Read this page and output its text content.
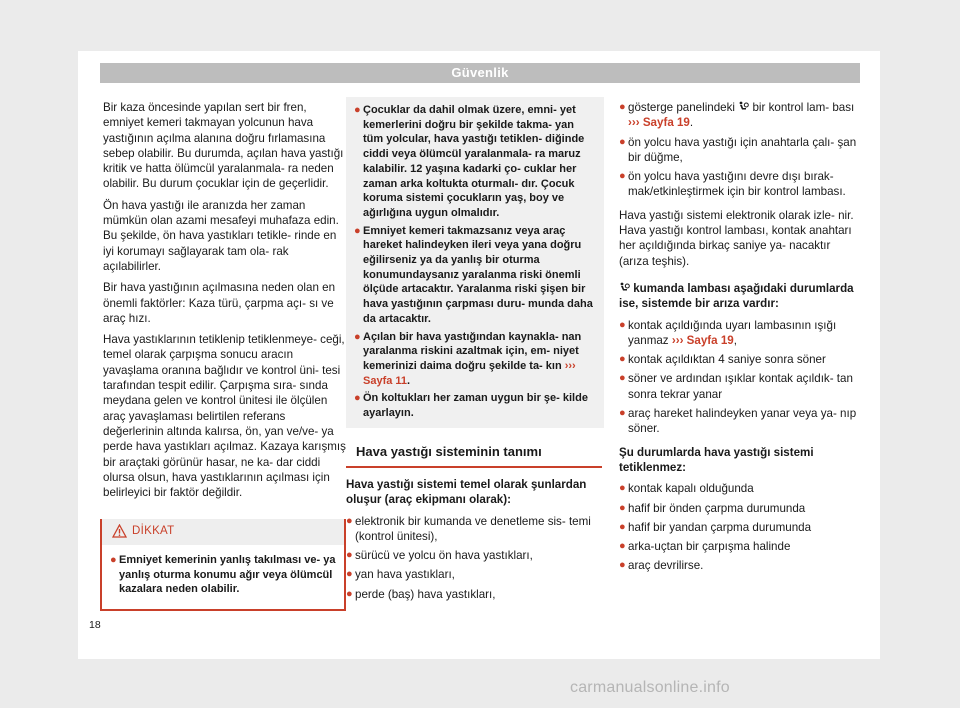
Güvenlik

Bir kaza öncesinde yapılan sert bir fren, emniyet kemeri takmayan yolcunun hava yastığının açılma alanına doğru fırlamasına sebep olabilir. Bu durumda, açılan hava yastığı kritik ve hatta ölümcül yaralanmala- ra neden olabilir. Bu durum çocuklar için de geçerlidir.

Ön hava yastığı ile aranızda her zaman mümkün olan azami mesafeyi muhafaza edin. Bu şekilde, ön hava yastıkları tetikle- rinde en iyi korumayı sağlayarak tam ola- rak açılabilirler.

Bir hava yastığının açılmasına neden olan en önemli faktörler: Kaza türü, çarpma açı- sı ve araç hızı.

Hava yastıklarının tetiklenip tetiklenmeye- ceği, temel olarak çarpışma sonucu aracın yavaşlama oranına bağlıdır ve kontrol üni- tesi tarafından tespit edilir. Çarpışma sıra- sında meydana gelen ve kontrol ünitesi ile ölçülen araç yavaşlaması belirtilen referans değerlerinin altında kalırsa, ön, yan ve/ve- ya perde hava yastıkları açılmaz. Kazaya karışmış bir araçtaki görünür hasar, ne ka- dar ciddi olursa olsun, hava yastıklarının açılması için belirleyici bir faktör değildir.

DİKKAT
● Emniyet kemerinin yanlış takılması ve- ya yanlış oturma konumu ağır veya ölümcül kazalara neden olabilir.
● Çocuklar da dahil olmak üzere, emni- yet kemerlerini doğru bir şekilde takma- yan tüm yolcular, hava yastığı tetiklen- diğinde ciddi veya ölümcül yaralanmala- ra maruz kalabilir. 12 yaşına kadarki ço- cuklar her zaman arka koltukta oturmalı- dır. Çocuk koruma sistemi çocukların yaş, boy ve ağırlığına uygun olmalıdır.
● Emniyet kemeri takmazsanız veya araç hareket halindeyken ileri veya yana doğru eğilirseniz ya da yanlış bir oturma konumundaysanız yaralanma riski önemli ölçüde artacaktır. Yaralanma riski şişen bir hava yastığının çarpması duru- munda daha da artacaktır.
● Açılan bir hava yastığından kaynakla- nan yaralanma riskini azaltmak için, em- niyet kemerinizi daima doğru şekilde ta- kın ››› Sayfa 11.
● Ön koltukları her zaman uygun bir şe- kilde ayarlayın.
Hava yastığı sisteminin tanımı

Hava yastığı sistemi temel olarak şunlardan oluşur (araç ekipmanı olarak):

● elektronik bir kumanda ve denetleme sis- temi (kontrol ünitesi),
● sürücü ve yolcu ön hava yastıkları,
● yan hava yastıkları,
● perde (baş) hava yastıkları,
● gösterge panelindeki bir kontrol lam- bası ››› Sayfa 19.
● ön yolcu hava yastığı için anahtarla çalı- şan bir düğme,
● ön yolcu hava yastığını devre dışı bırak- mak/etkinleştirmek için bir kontrol lambası.

Hava yastığı sistemi elektronik olarak izle- nir. Hava yastığı kontrol lambası, kontak anahtarı her açıldığında birkaç saniye ya- nacaktır (arıza teşhis).

kumanda lambası aşağıdaki durumlarda ise, sistemde bir arıza vardır:

● kontak açıldığında uyarı lambasının ışığı yanmaz ››› Sayfa 19,
● kontak açıldıktan 4 saniye sonra söner
● söner ve ardından ışıklar kontak açıldık- tan sonra tekrar yanar
● araç hareket halindeyken yanar veya ya- nıp söner.

Şu durumlarda hava yastığı sistemi tetiklenmez:

● kontak kapalı olduğunda
● hafif bir önden çarpma durumunda
● hafif bir yandan çarpma durumunda
● arka-uçtan bir çarpışma halinde
● araç devrilirse.
18
carmanualsonline.info
